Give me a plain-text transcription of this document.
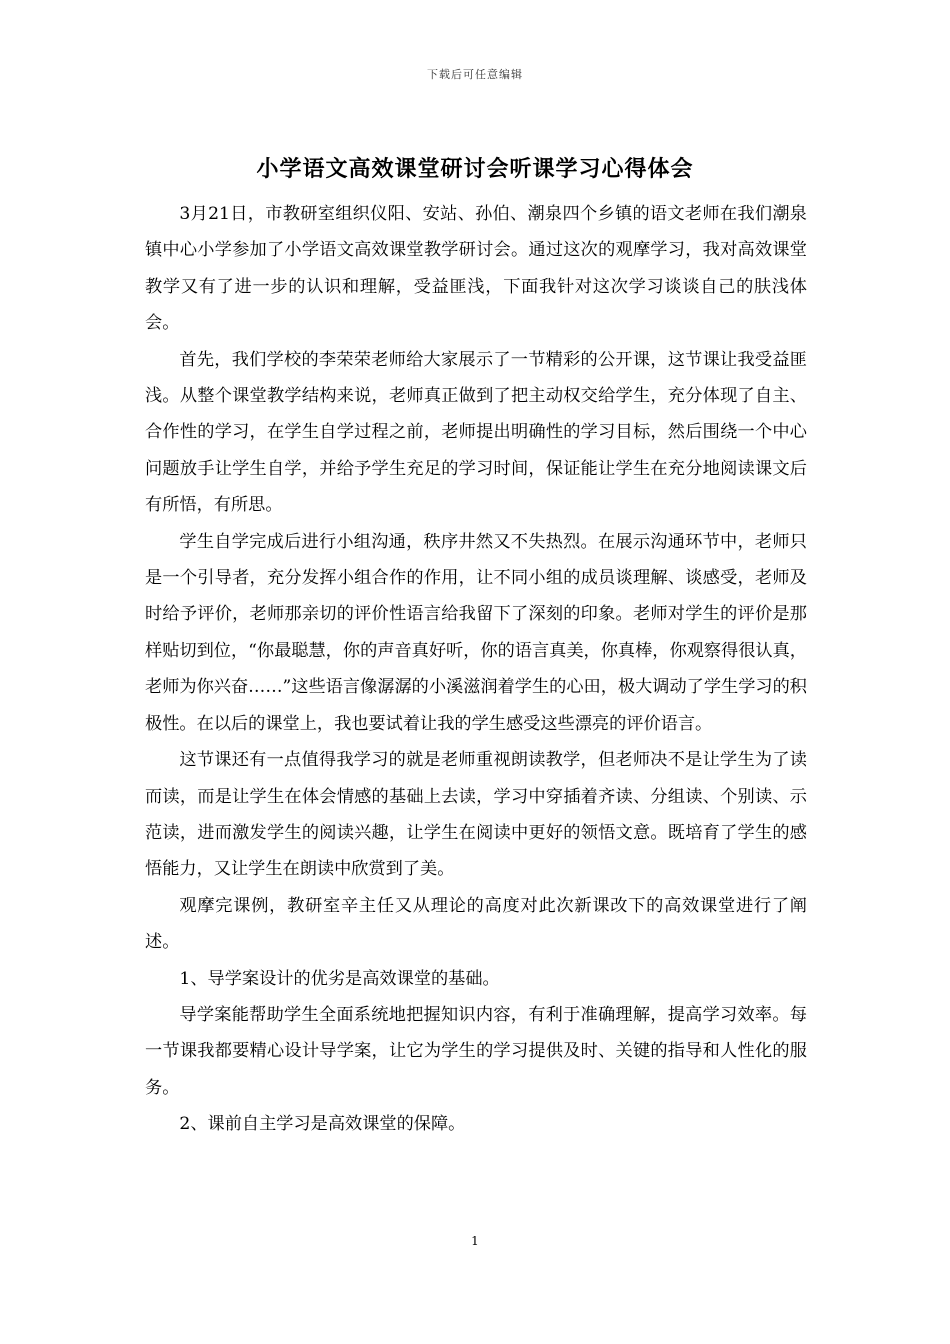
下载后可任意编辑
小学语文高效课堂研讨会听课学习心得体会

3月21日，市教研室组织仪阳、安站、孙伯、潮泉四个乡镇的语文老师在我们潮泉镇中心小学参加了小学语文高效课堂教学研讨会。通过这次的观摩学习，我对高效课堂教学又有了进一步的认识和理解，受益匪浅，下面我针对这次学习谈谈自己的肤浅体会。

首先，我们学校的李荣荣老师给大家展示了一节精彩的公开课，这节课让我受益匪浅。从整个课堂教学结构来说，老师真正做到了把主动权交给学生，充分体现了自主、合作性的学习，在学生自学过程之前，老师提出明确性的学习目标，然后围绕一个中心问题放手让学生自学，并给予学生充足的学习时间，保证能让学生在充分地阅读课文后有所悟，有所思。

学生自学完成后进行小组沟通，秩序井然又不失热烈。在展示沟通环节中，老师只是一个引导者，充分发挥小组合作的作用，让不同小组的成员谈理解、谈感受，老师及时给予评价，老师那亲切的评价性语言给我留下了深刻的印象。老师对学生的评价是那样贴切到位，“你最聪慧，你的声音真好听，你的语言真美，你真棒，你观察得很认真，老师为你兴奋……”这些语言像潺潺的小溪滋润着学生的心田，极大调动了学生学习的积极性。在以后的课堂上，我也要试着让我的学生感受这些漂亮的评价语言。

这节课还有一点值得我学习的就是老师重视朗读教学，但老师决不是让学生为了读而读，而是让学生在体会情感的基础上去读，学习中穿插着齐读、分组读、个别读、示范读，进而激发学生的阅读兴趣，让学生在阅读中更好的领悟文意。既培育了学生的感悟能力，又让学生在朗读中欣赏到了美。

观摩完课例，教研室辛主任又从理论的高度对此次新课改下的高效课堂进行了阐述。

1、导学案设计的优劣是高效课堂的基础。

导学案能帮助学生全面系统地把握知识内容，有利于准确理解，提高学习效率。每一节课我都要精心设计导学案，让它为学生的学习提供及时、关键的指导和人性化的服务。

2、课前自主学习是高效课堂的保障。

1
